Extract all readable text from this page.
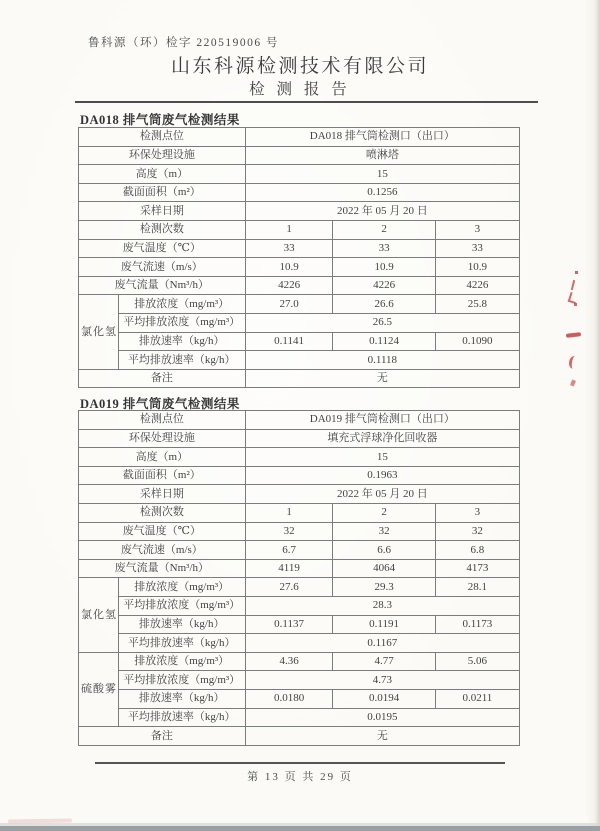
鲁科源（环）检字 220519006 号
山东科源检测技术有限公司
检 测 报 告
DA018 排气筒废气检测结果
检测点位		DA018 排气筒检测口（出口）		
环保处理设施		喷淋塔		
高度（m）		15		
截面面积（m²）		0.1256		
采样日期		2022 年 05 月 20 日		
检测次数		1	2	3
废气温度（℃）		33	33	33
废气流速（m/s）		10.9	10.9	10.9
废气流量（Nm³/h）		4226	4226	4226
氯化氢	排放浓度（mg/m³）	27.0	26.6	25.8
	平均排放浓度（mg/m³）	26.5		
	排放速率（kg/h）	0.1141	0.1124	0.1090
	平均排放速率（kg/h）	0.1118		
备注		无		
DA019 排气筒废气检测结果
检测点位		DA019 排气筒检测口（出口）		
环保处理设施		填充式浮球净化回收器		
高度（m）		15		
截面面积（m²）		0.1963		
采样日期		2022 年 05 月 20 日		
检测次数		1	2	3
废气温度（℃）		32	32	32
废气流速（m/s）		6.7	6.6	6.8
废气流量（Nm³/h）		4119	4064	4173
氯化氢	排放浓度（mg/m³）	27.6	29.3	28.1
	平均排放浓度（mg/m³）	28.3		
	排放速率（kg/h）	0.1137	0.1191	0.1173
	平均排放速率（kg/h）	0.1167		
硫酸雾	排放浓度（mg/m³）	4.36	4.77	5.06
	平均排放浓度（mg/m³）	4.73		
	排放速率（kg/h）	0.0180	0.0194	0.0211
	平均排放速率（kg/h）	0.0195		
备注		无		
第 13 页 共 29 页
